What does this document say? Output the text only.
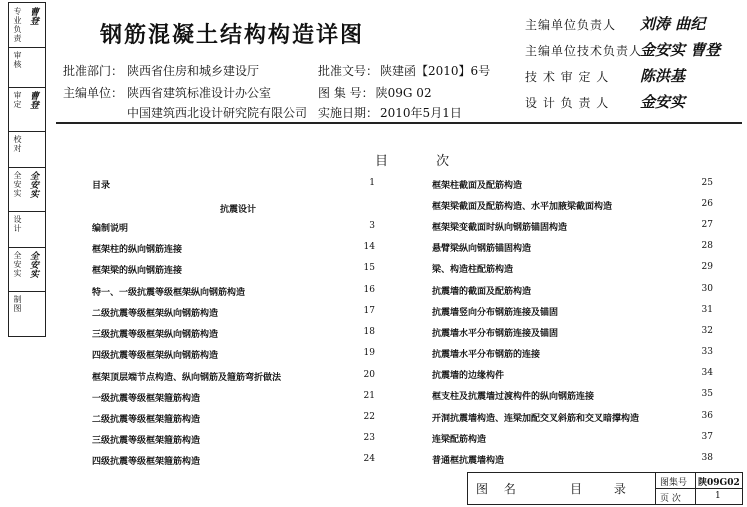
专业负责 曹登
审核
审定 曹登
校对
全安实 全安实
设计
全安实 全安实
制图
钢筋混凝土结构构造详图
批准部门： 陕西省住房和城乡建设厅
主编单位： 陕西省建筑标准设计办公室
中国建筑西北设计研究院有限公司
批准文号： 陕建函【2010】6号
图 集 号： 陕09G 02
实施日期： 2010年5月1日
主编单位负责人 刘涛 曲纪
主编单位技术负责人
金安实 曹登
技 术 审 定 人 陈洪基
设 计 负 责 人 金安实
目 次
抗震设计
目录	1
编制说明	3
框架柱的纵向钢筋连接	14
框架梁的纵向钢筋连接	15
特一、一级抗震等级框架纵向钢筋构造	16
二级抗震等级框架纵向钢筋构造	17
三级抗震等级框架纵向钢筋构造	18
四级抗震等级框架纵向钢筋构造	19
框架顶层端节点构造、纵向钢筋及箍筋弯折做法	20
一级抗震等级框架箍筋构造	21
二级抗震等级框架箍筋构造	22
三级抗震等级框架箍筋构造	23
四级抗震等级框架箍筋构造	24
框架柱截面及配筋构造	25
框架梁截面及配筋构造、水平加腋梁截面构造	26
框架梁变截面时纵向钢筋锚固构造	27
悬臂梁纵向钢筋锚固构造	28
梁、构造柱配筋构造	29
抗震墙的截面及配筋构造	30
抗震墙竖向分布钢筋连接及锚固	31
抗震墙水平分布钢筋连接及锚固	32
抗震墙水平分布钢筋的连接	33
抗震墙的边缘构件	34
框支柱及抗震墙过渡构件的纵向钢筋连接	35
开洞抗震墙构造、连梁加配交叉斜筋和交叉暗撑构造	36
连梁配筋构造	37
普通框抗震墙构造	38
图 名	目 录 图集号 陕09G02
页 次	1
